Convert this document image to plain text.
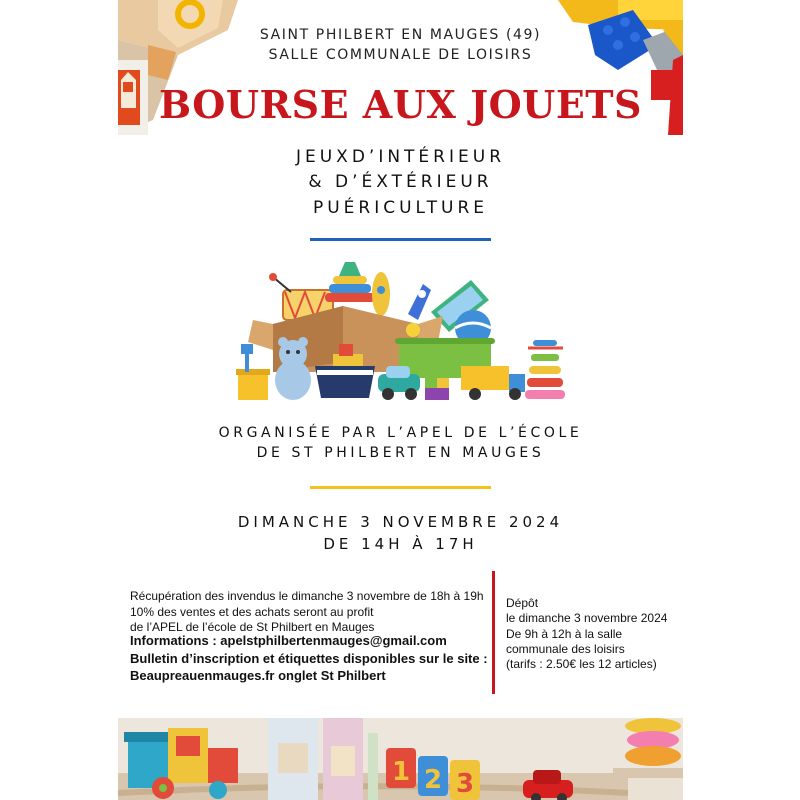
SAINT PHILBERT EN MAUGES (49)
SALLE COMMUNALE DE LOISIRS
BOURSE AUX JOUETS
JEUXD’INTÉRIEUR
& D’ÉXTÉRIEUR
PUÉRICULTURE
ORGANISÉE PAR L’APEL DE L’ÉCOLE
DE ST PHILBERT EN MAUGES
DIMANCHE 3 NOVEMBRE 2024
DE 14H À 17H
Récupération des invendus le dimanche 3 novembre de 18h à 19h
10% des ventes et des achats seront au profit
de l’APEL de l’école de St Philbert en Mauges
Informations : apelstphilbertenmauges@gmail.com
Bulletin d’inscription et étiquettes disponibles sur le site :
Beaupreauenmauges.fr onglet St Philbert
Dépôt
le dimanche 3 novembre 2024
De 9h à 12h à la salle
communale des loisirs
(tarifs : 2.50€ les 12 articles)
1 2 3
